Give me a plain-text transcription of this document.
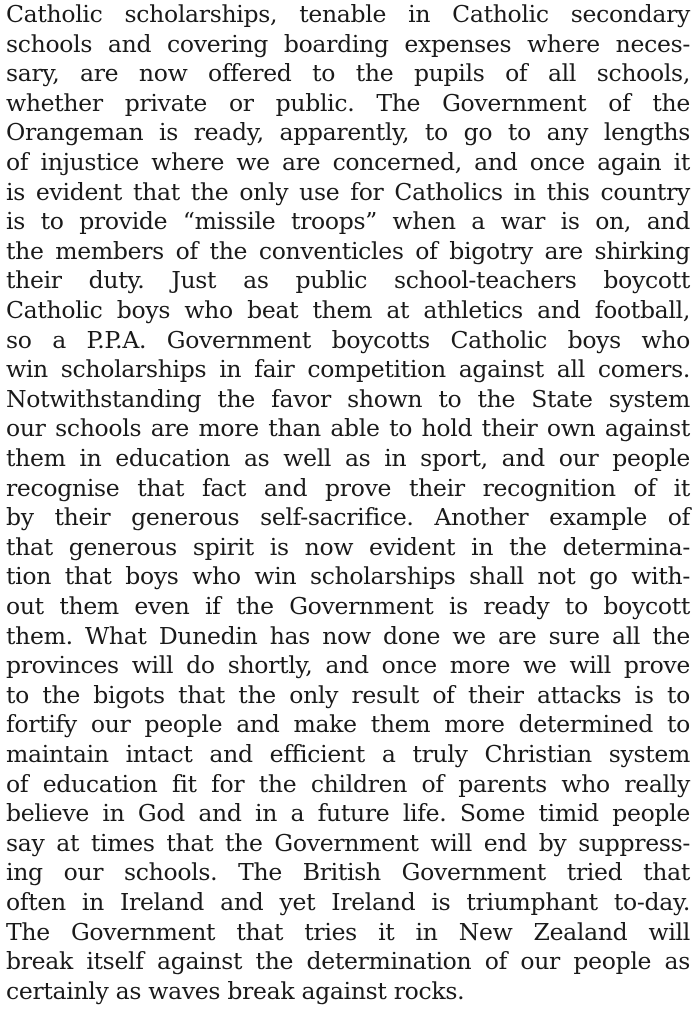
Catholic scholarships, tenable in Catholic secondary
schools and covering boarding expenses where neces-
sary, are now offered to the pupils of all schools,
whether private or public. The Government of the
Orangeman is ready, apparently, to go to any lengths
of injustice where we are concerned, and once again it
is evident that the only use for Catholics in this country
is to provide “missile troops” when a war is on, and
the members of the conventicles of bigotry are shirking
their duty. Just as public school-teachers boycott
Catholic boys who beat them at athletics and football,
so a P.P.A. Government boycotts Catholic boys who
win scholarships in fair competition against all comers.
Notwithstanding the favor shown to the State system
our schools are more than able to hold their own against
them in education as well as in sport, and our people
recognise that fact and prove their recognition of it
by their generous self-sacrifice. Another example of
that generous spirit is now evident in the determina-
tion that boys who win scholarships shall not go with-
out them even if the Government is ready to boycott
them. What Dunedin has now done we are sure all the
provinces will do shortly, and once more we will prove
to the bigots that the only result of their attacks is to
fortify our people and make them more determined to
maintain intact and efficient a truly Christian system
of education fit for the children of parents who really
believe in God and in a future life. Some timid people
say at times that the Government will end by suppress-
ing our schools. The British Government tried that
often in Ireland and yet Ireland is triumphant to-day.
The Government that tries it in New Zealand will
break itself against the determination of our people as
certainly as waves break against rocks.
